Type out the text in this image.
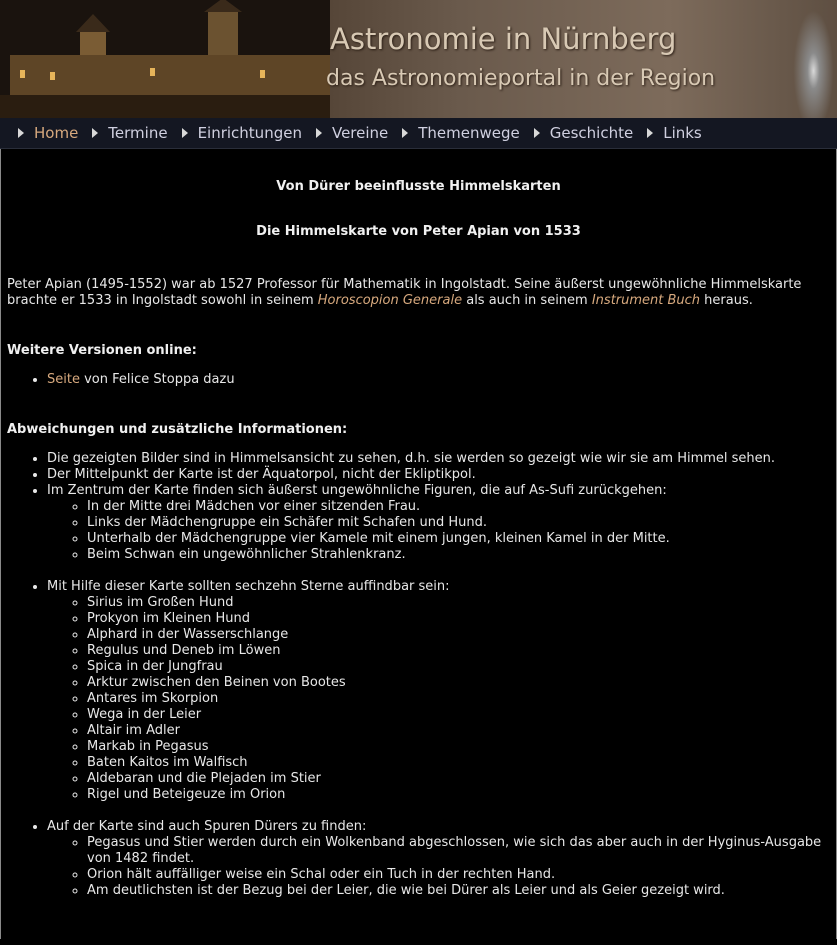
Astronomie in Nürnberg
das Astronomieportal in der Region
Home Termine Einrichtungen Vereine Themenwege Geschichte Links
Von Dürer beeinflusste Himmelskarten
Die Himmelskarte von Peter Apian von 1533

Peter Apian (1495-1552) war ab 1527 Professor für Mathematik in Ingolstadt. Seine äußerst ungewöhnliche Himmelskarte brachte er 1533 in Ingolstadt sowohl in seinem Horoscopion Generale als auch in seinem Instrument Buch heraus.

Weitere Versionen online:
• Seite von Felice Stoppa dazu
Abweichungen und zusätzliche Informationen:
• Die gezeigten Bilder sind in Himmelsansicht zu sehen, d.h. sie werden so gezeigt wie wir sie am Himmel sehen.
• Der Mittelpunkt der Karte ist der Äquatorpol, nicht der Ekliptikpol.
• Im Zentrum der Karte finden sich äußerst ungewöhnliche Figuren, die auf As-Sufi zurückgehen:
◦ In der Mitte drei Mädchen vor einer sitzenden Frau.
◦ Links der Mädchengruppe ein Schäfer mit Schafen und Hund.
◦ Unterhalb der Mädchengruppe vier Kamele mit einem jungen, kleinen Kamel in der Mitte.
◦ Beim Schwan ein ungewöhnlicher Strahlenkranz.
• Mit Hilfe dieser Karte sollten sechzehn Sterne auffindbar sein:
◦ Sirius im Großen Hund
◦ Prokyon im Kleinen Hund
◦ Alphard in der Wasserschlange
◦ Regulus und Deneb im Löwen
◦ Spica in der Jungfrau
◦ Arktur zwischen den Beinen von Bootes
◦ Antares im Skorpion
◦ Wega in der Leier
◦ Altair im Adler
◦ Markab in Pegasus
◦ Baten Kaitos im Walfisch
◦ Aldebaran und die Plejaden im Stier
◦ Rigel und Beteigeuze im Orion
• Auf der Karte sind auch Spuren Dürers zu finden:
◦ Pegasus und Stier werden durch ein Wolkenband abgeschlossen, wie sich das aber auch in der Hyginus-Ausgabe von 1482 findet.
◦ Orion hält auffälliger weise ein Schal oder ein Tuch in der rechten Hand.
◦ Am deutlichsten ist der Bezug bei der Leier, die wie bei Dürer als Leier und als Geier gezeigt wird.
